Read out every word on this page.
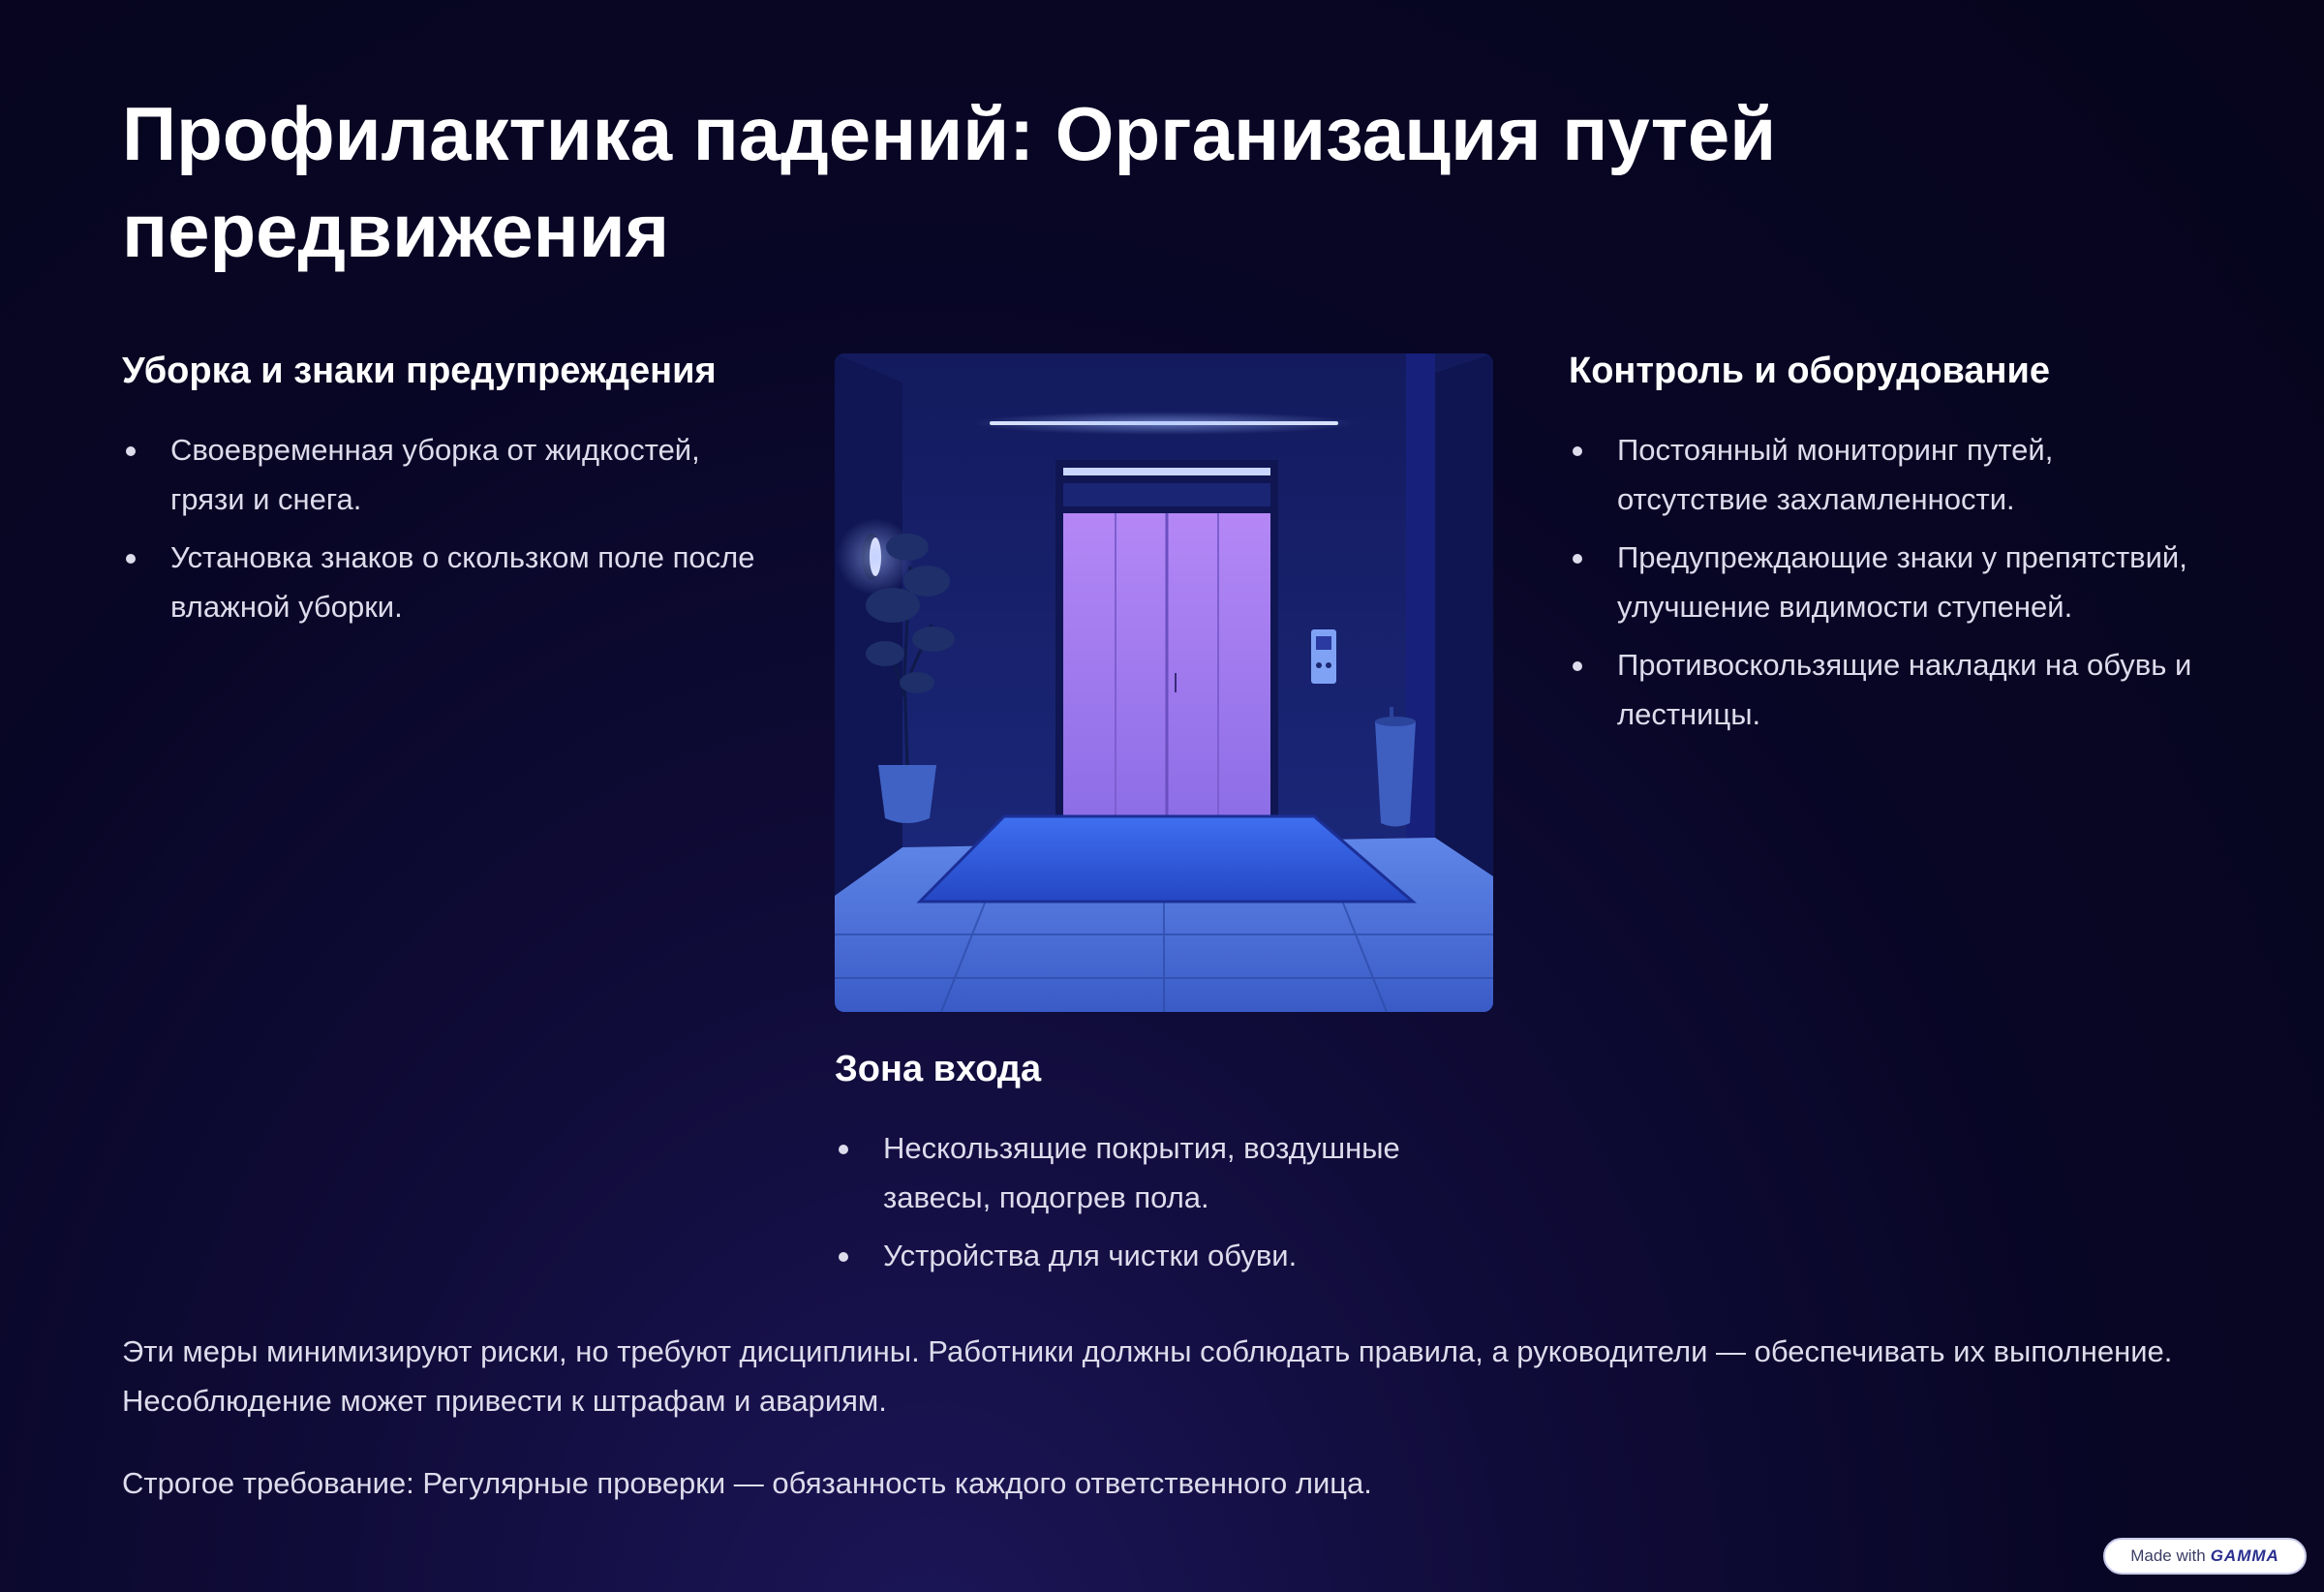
Профилактика падений: Организация путей передвижения
Уборка и знаки предупреждения
Своевременная уборка от жидкостей, грязи и снега.
Установка знаков о скользком поле после влажной уборки.
Контроль и оборудование
Постоянный мониторинг путей, отсутствие захламленности.
Предупреждающие знаки у препятствий, улучшение видимости ступеней.
Противоскользящие накладки на обувь и лестницы.
Зона входа
Нескользящие покрытия, воздушные завесы, подогрев пола.
Устройства для чистки обуви.

Эти меры минимизируют риски, но требуют дисциплины. Работники должны соблюдать правила, а руководители — обеспечивать их выполнение. Несоблюдение может привести к штрафам и авариям.

Строгое требование: Регулярные проверки — обязанность каждого ответственного лица.

Made with GAMMA
